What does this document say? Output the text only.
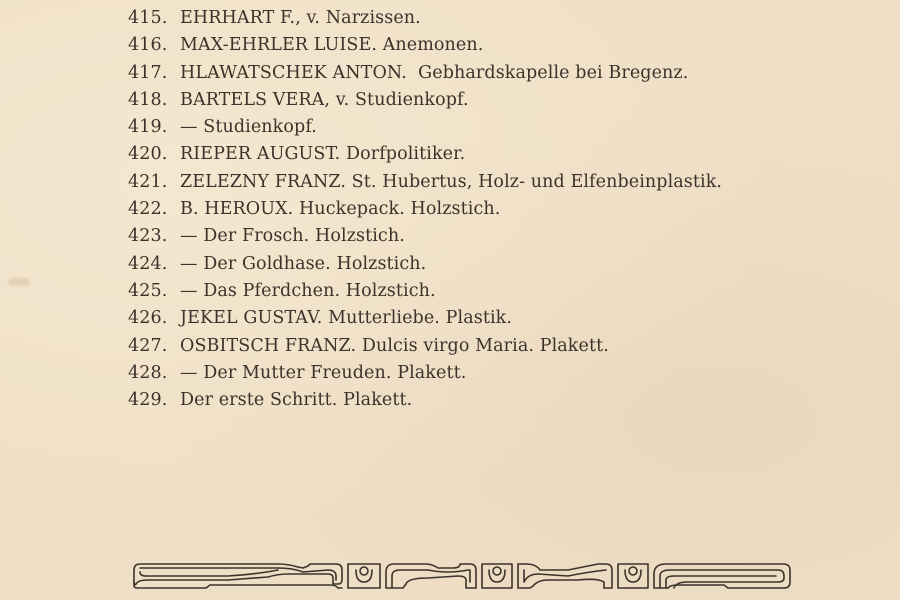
415. EHRHART F., v. Narzissen.
416. MAX-EHRLER LUISE. Anemonen.
417. HLAWATSCHEK ANTON.  Gebhardskapelle bei Bregenz.
418. BARTELS VERA, v. Studienkopf.
419. — Studienkopf.
420. RIEPER AUGUST. Dorfpolitiker.
421. ZELEZNY FRANZ. St. Hubertus, Holz- und Elfenbeinplastik.
422. B. HEROUX. Huckepack. Holzstich.
423. — Der Frosch. Holzstich.
424. — Der Goldhase. Holzstich.
425. — Das Pferdchen. Holzstich.
426. JEKEL GUSTAV. Mutterliebe. Plastik.
427. OSBITSCH FRANZ. Dulcis virgo Maria. Plakett.
428. — Der Mutter Freuden. Plakett.
429. Der erste Schritt. Plakett.
